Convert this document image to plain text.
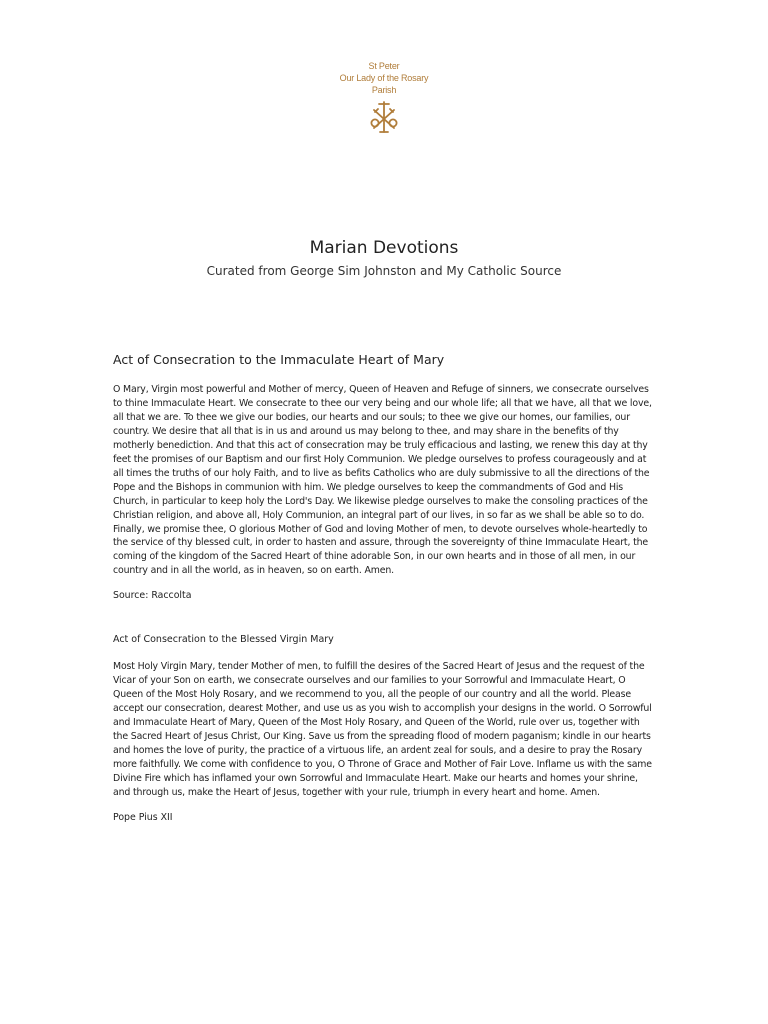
St Peter
Our Lady of the Rosary
Parish
Marian Devotions
Curated from George Sim Johnston and My Catholic Source
Act of Consecration to the Immaculate Heart of Mary

O Mary, Virgin most powerful and Mother of mercy, Queen of Heaven and Refuge of sinners, we consecrate ourselves to thine Immaculate Heart. We consecrate to thee our very being and our whole life; all that we have, all that we love, all that we are. To thee we give our bodies, our hearts and our souls; to thee we give our homes, our families, our country. We desire that all that is in us and around us may belong to thee, and may share in the benefits of thy motherly benediction. And that this act of consecration may be truly efficacious and lasting, we renew this day at thy feet the promises of our Baptism and our first Holy Communion. We pledge ourselves to profess courageously and at all times the truths of our holy Faith, and to live as befits Catholics who are duly submissive to all the directions of the Pope and the Bishops in communion with him. We pledge ourselves to keep the commandments of God and His Church, in particular to keep holy the Lord's Day. We likewise pledge ourselves to make the consoling practices of the Christian religion, and above all, Holy Communion, an integral part of our lives, in so far as we shall be able so to do. Finally, we promise thee, O glorious Mother of God and loving Mother of men, to devote ourselves whole-heartedly to the service of thy blessed cult, in order to hasten and assure, through the sovereignty of thine Immaculate Heart, the coming of the kingdom of the Sacred Heart of thine adorable Son, in our own hearts and in those of all men, in our country and in all the world, as in heaven, so on earth. Amen.

Source: Raccolta
Act of Consecration to the Blessed Virgin Mary

Most Holy Virgin Mary, tender Mother of men, to fulfill the desires of the Sacred Heart of Jesus and the request of the Vicar of your Son on earth, we consecrate ourselves and our families to your Sorrowful and Immaculate Heart, O Queen of the Most Holy Rosary, and we recommend to you, all the people of our country and all the world. Please accept our consecration, dearest Mother, and use us as you wish to accomplish your designs in the world. O Sorrowful and Immaculate Heart of Mary, Queen of the Most Holy Rosary, and Queen of the World, rule over us, together with the Sacred Heart of Jesus Christ, Our King. Save us from the spreading flood of modern paganism; kindle in our hearts and homes the love of purity, the practice of a virtuous life, an ardent zeal for souls, and a desire to pray the Rosary more faithfully. We come with confidence to you, O Throne of Grace and Mother of Fair Love. Inflame us with the same Divine Fire which has inflamed your own Sorrowful and Immaculate Heart. Make our hearts and homes your shrine, and through us, make the Heart of Jesus, together with your rule, triumph in every heart and home. Amen.

Pope Pius XII
